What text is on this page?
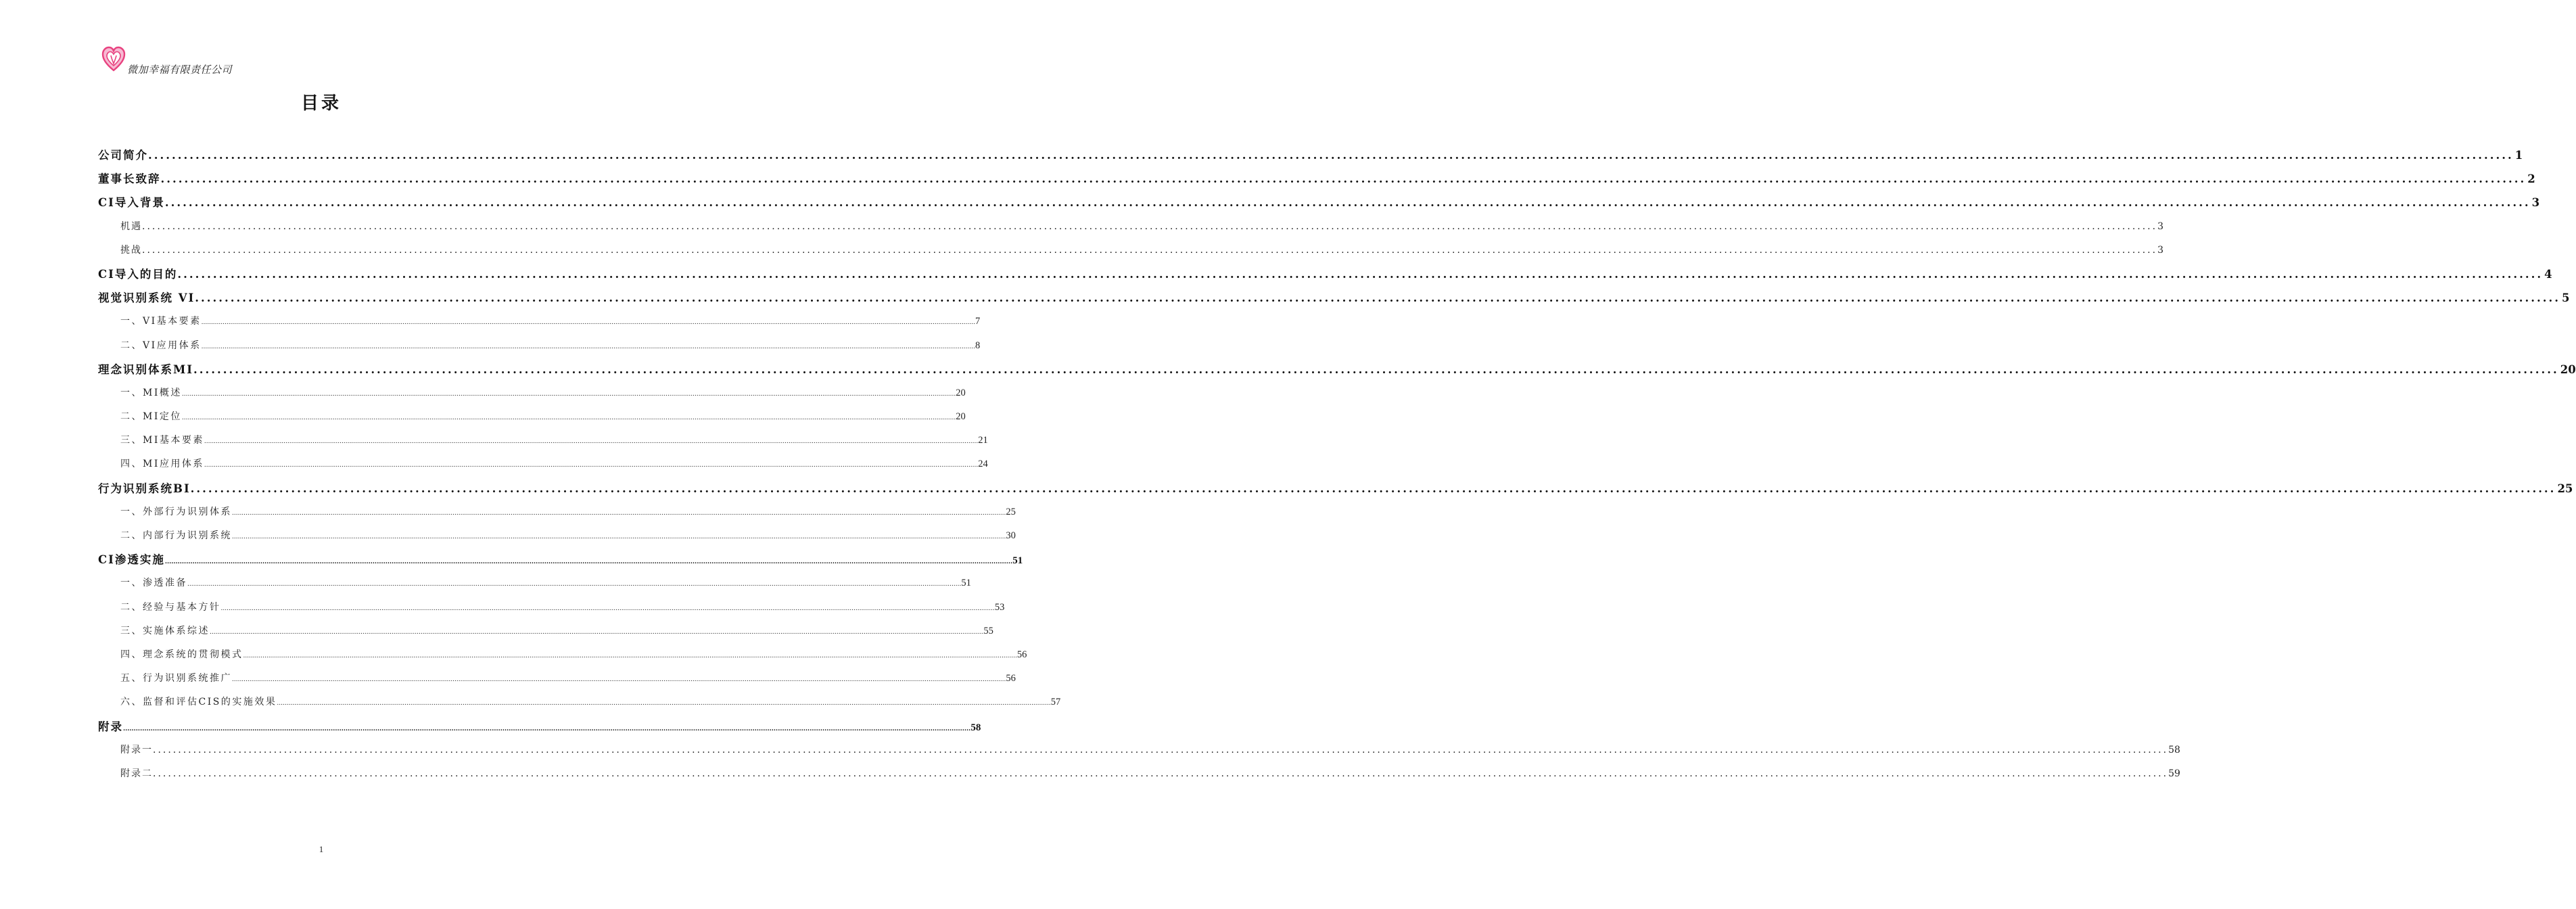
微加幸福有限责任公司
目录
公司简介 ................................................................................................................................................................................................................................................................................................................................................................................................................ 1
董事长致辞 ................................................................................................................................................................................................................................................................................................................................................................................................................ 2
CI导入背景 ................................................................................................................................................................................................................................................................................................................................................................................................................ 3
机遇 ................................................................................................................................................................................................................................................................................................................................................................................................................ 3
挑战 ................................................................................................................................................................................................................................................................................................................................................................................................................ 3
CI导入的目的 ................................................................................................................................................................................................................................................................................................................................................................................................................ 4
视觉识别系统 VI ................................................................................................................................................................................................................................................................................................................................................................................................................ 5
一、VI基本要素 ................................................................................................................................................................................................................................................................................................................................................................................................................ 7
二、VI应用体系 ................................................................................................................................................................................................................................................................................................................................................................................................................ 8
理念识别体系MI ................................................................................................................................................................................................................................................................................................................................................................................................................ 20
一、MI概述 ................................................................................................................................................................................................................................................................................................................................................................................................................ 20
二、MI定位 ................................................................................................................................................................................................................................................................................................................................................................................................................ 20
三、MI基本要素 ................................................................................................................................................................................................................................................................................................................................................................................................................ 21
四、MI应用体系 ................................................................................................................................................................................................................................................................................................................................................................................................................ 24
行为识别系统BI ................................................................................................................................................................................................................................................................................................................................................................................................................ 25
一、外部行为识别体系 ................................................................................................................................................................................................................................................................................................................................................................................................................ 25
二、内部行为识别系统 ................................................................................................................................................................................................................................................................................................................................................................................................................ 30
CI渗透实施 ................................................................................................................................................................................................................................................................................................................................................................................................................ 51
一、渗透准备 ................................................................................................................................................................................................................................................................................................................................................................................................................ 51
二、经验与基本方针 ................................................................................................................................................................................................................................................................................................................................................................................................................ 53
三、实施体系综述 ................................................................................................................................................................................................................................................................................................................................................................................................................ 55
四、理念系统的贯彻模式 ................................................................................................................................................................................................................................................................................................................................................................................................................ 56
五、行为识别系统推广 ................................................................................................................................................................................................................................................................................................................................................................................................................ 56
六、监督和评估CIS的实施效果 ................................................................................................................................................................................................................................................................................................................................................................................................................ 57
附录 ................................................................................................................................................................................................................................................................................................................................................................................................................ 58
附录一 ................................................................................................................................................................................................................................................................................................................................................................................................................ 58
附录二 ................................................................................................................................................................................................................................................................................................................................................................................................................ 59
1
